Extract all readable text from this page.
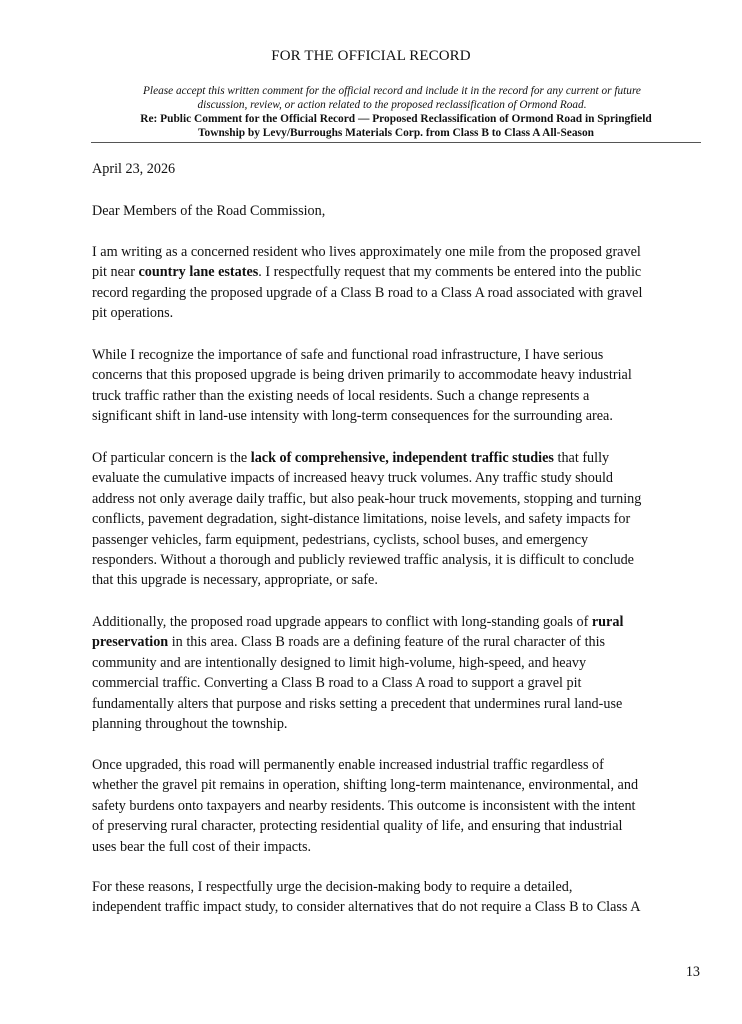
FOR THE OFFICIAL RECORD
Please accept this written comment for the official record and include it in the record for any current or future
discussion, review, or action related to the proposed reclassification of Ormond Road.
Re: Public Comment for the Official Record — Proposed Reclassification of Ormond Road in Springfield
Township by Levy/Burroughs Materials Corp. from Class B to Class A All-Season

April 23, 2026

Dear Members of the Road Commission,

I am writing as a concerned resident who lives approximately one mile from the proposed gravel

pit near country lane estates. I respectfully request that my comments be entered into the public

record regarding the proposed upgrade of a Class B road to a Class A road associated with gravel

pit operations.

While I recognize the importance of safe and functional road infrastructure, I have serious

concerns that this proposed upgrade is being driven primarily to accommodate heavy industrial

truck traffic rather than the existing needs of local residents. Such a change represents a

significant shift in land-use intensity with long-term consequences for the surrounding area.

Of particular concern is the lack of comprehensive, independent traffic studies that fully

evaluate the cumulative impacts of increased heavy truck volumes. Any traffic study should

address not only average daily traffic, but also peak-hour truck movements, stopping and turning

conflicts, pavement degradation, sight-distance limitations, noise levels, and safety impacts for

passenger vehicles, farm equipment, pedestrians, cyclists, school buses, and emergency

responders. Without a thorough and publicly reviewed traffic analysis, it is difficult to conclude

that this upgrade is necessary, appropriate, or safe.

Additionally, the proposed road upgrade appears to conflict with long-standing goals of rural

preservation in this area. Class B roads are a defining feature of the rural character of this

community and are intentionally designed to limit high-volume, high-speed, and heavy

commercial traffic. Converting a Class B road to a Class A road to support a gravel pit

fundamentally alters that purpose and risks setting a precedent that undermines rural land-use

planning throughout the township.

Once upgraded, this road will permanently enable increased industrial traffic regardless of

whether the gravel pit remains in operation, shifting long-term maintenance, environmental, and

safety burdens onto taxpayers and nearby residents. This outcome is inconsistent with the intent

of preserving rural character, protecting residential quality of life, and ensuring that industrial

uses bear the full cost of their impacts.

For these reasons, I respectfully urge the decision-making body to require a detailed,

independent traffic impact study, to consider alternatives that do not require a Class B to Class A

13
